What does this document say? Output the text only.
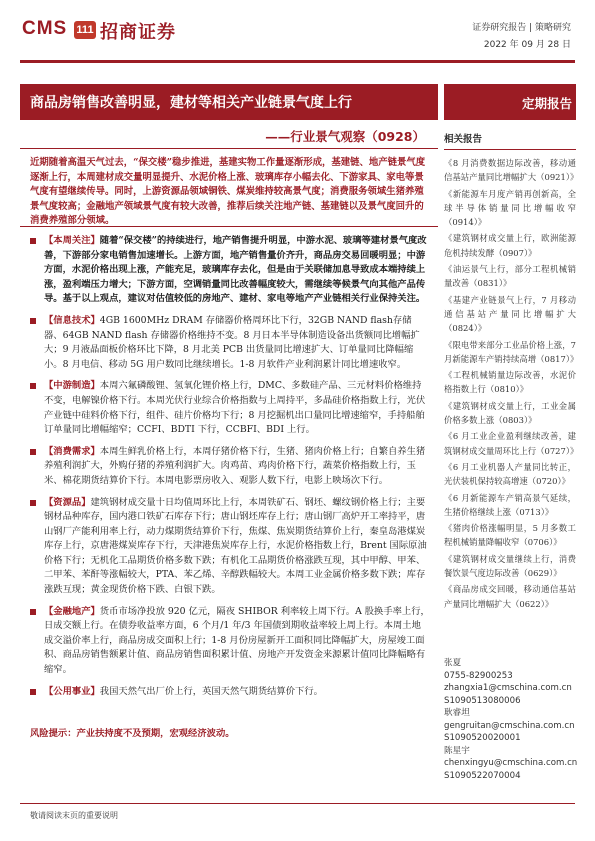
CMS 111 招商证券	证券研究报告 | 策略研究
2022 年 09 月 28 日
商品房销售改善明显，建材等相关产业链景气度上行	定期报告
——行业景气观察（0928）
近期随着高温天气过去，“保交楼”稳步推进，基建实物工作量逐渐形成，基建链、地产链景气度逐渐上行，本周建材成交量明显提升、水泥价格上涨、玻璃库存小幅去化、下游家具、家电等景气度有望继续传导。同时，上游资源品领域铜铁、煤炭维持较高景气度；消费服务领域生猪养殖景气度较高；金融地产领域景气度有较大改善，推荐后续关注地产链、基建链以及景气度回升的消费养殖部分领域。
【本周关注】随着“保交楼”的持续进行，地产销售提升明显，中游水泥、玻璃等建材景气度改善，下游部分家电销售加速增长。上游方面，地产销售量价齐升，商品房交易回暖明显；中游方面，水泥价格出现上涨，产能充足，玻璃库存去化，但是由于关联储加息导致成本端持续上涨，盈利端压力增大；下游方面，空调销量同比改善幅度较大，需继续等候景气向其他产品传导。基于以上观点，建议对估值较低的房地产、建材、家电等地产产业链相关行业保持关注。
【信息技术】4GB 1600MHz DRAM 存储器价格周环比下行，32GB NAND flash存储器、64GB NAND flash 存储器价格维持不变。8 月日本半导体制造设备出货额同比增幅扩大；9 月液晶面板价格环比下降，8 月北美 PCB 出货量同比增速扩大、订单量同比降幅缩小。8 月电信、移动 5G 用户数同比继续增长。1-8 月软件产业利润累计同比增速收窄。
【中游制造】本周六氟磷酸锂、氢氧化锂价格上行，DMC、多数硅产品、三元材料价格维持不变，电解镍价格下行。本周光伏行业综合价格指数与上周持平，多晶硅价格指数上行，光伏产业链中硅料价格下行，组件、硅片价格均下行；8 月挖掘机出口量同比增速缩窄，手持船舶订单量同比增幅缩窄；CCFI、BDTI 下行，CCBFI、BDI 上行。
【消费需求】本周生鲜乳价格上行，本周仔猪价格下行，生猪、猪肉价格上行；自繁自养生猪养殖利润扩大，外购仔猪的养殖利润扩大。肉鸡苗、鸡肉价格下行，蔬菜价格指数上行，玉米、棉花期货结算价下行。本周电影票房收入、观影人数下行，电影上映场次下行。
【资源品】建筑钢材成交量十日均值周环比上行，本周铁矿石、钢坯、螺纹钢价格上行；主要钢材品种库存，国内港口铁矿石库存下行；唐山钢坯库存上行；唐山钢厂高炉开工率持平，唐山钢厂产能利用率上行，动力煤期货结算价下行，焦煤、焦炭期货结算价上行，秦皇岛港煤炭库存上行，京唐港煤炭库存下行，天津港焦炭库存上行，水泥价格指数上行，Brent 国际原油价格下行；无机化工品期货价格多数下跌；有机化工品期货价格涨跌互现，其中甲醇、甲苯、二甲苯、苯酐等涨幅较大，PTA、苯乙烯、辛醇跌幅较大。本周工业金属价格多数下跌；库存涨跌互现；黄金现货价格下跌、白银下跌。
【金融地产】货币市场净投放 920 亿元，隔夜 SHIBOR 利率较上周下行。A 股换手率上行，日成交额上行。在债券收益率方面，6 个月/1 年/3 年国债到期收益率较上周上行。本周土地成交溢价率上行，商品房成交面积上行；1-8 月份房屋新开工面积同比降幅扩大，房屋竣工面积、商品房销售额累计值、商品房销售面积累计值、房地产开发资金来源累计值同比降幅略有缩窄。
【公用事业】我国天然气出厂价上行，英国天然气期货结算价下行。
风险提示：产业扶持度不及预期，宏观经济波动。
相关报告
《8 月消费数据边际改善，移动通信基站产量同比增幅扩大（0921）》
《新能源车月度产销再创新高，全球半导体销量同比增幅收窄（0914）》
《建筑钢材成交量上行，欧洲能源危机持续发酵（0907）》
《油运景气上行，部分工程机械销量改善（0831）》
《基建产业链景气上行，7 月移动通信基站产量同比增幅扩大（0824）》
《限电带来部分工业品价格上涨，7 月新能源车产销持续高增（0817）》
《工程机械销量边际改善，水泥价格指数上行（0810）》
《建筑钢材成交量上行，工业金属价格多数上涨（0803）》
《6 月工业企业盈利继续改善，建筑钢材成交量周环比上行（0727）》
《6 月工业机器人产量同比转正，光伏装机保持较高增速（0720）》
《6 月新能源车产销高景气延续，生猪价格继续上涨（0713）》
《猪肉价格涨幅明显，5 月多数工程机械销量降幅收窄（0706）》
《建筑钢材成交量继续上行，消费餐饮景气度边际改善（0629）》
《商品房成交回暖，移动通信基站产量同比增幅扩大（0622）》
张夏
0755-82900253
zhangxia1@cmschina.com.cn
S1090513080006
耿睿坦
gengruitan@cmschina.com.cn
S1090520020001
陈星宇
chenxingyu@cmschina.com.cn
S1090522070004
敬请阅读末页的重要说明
